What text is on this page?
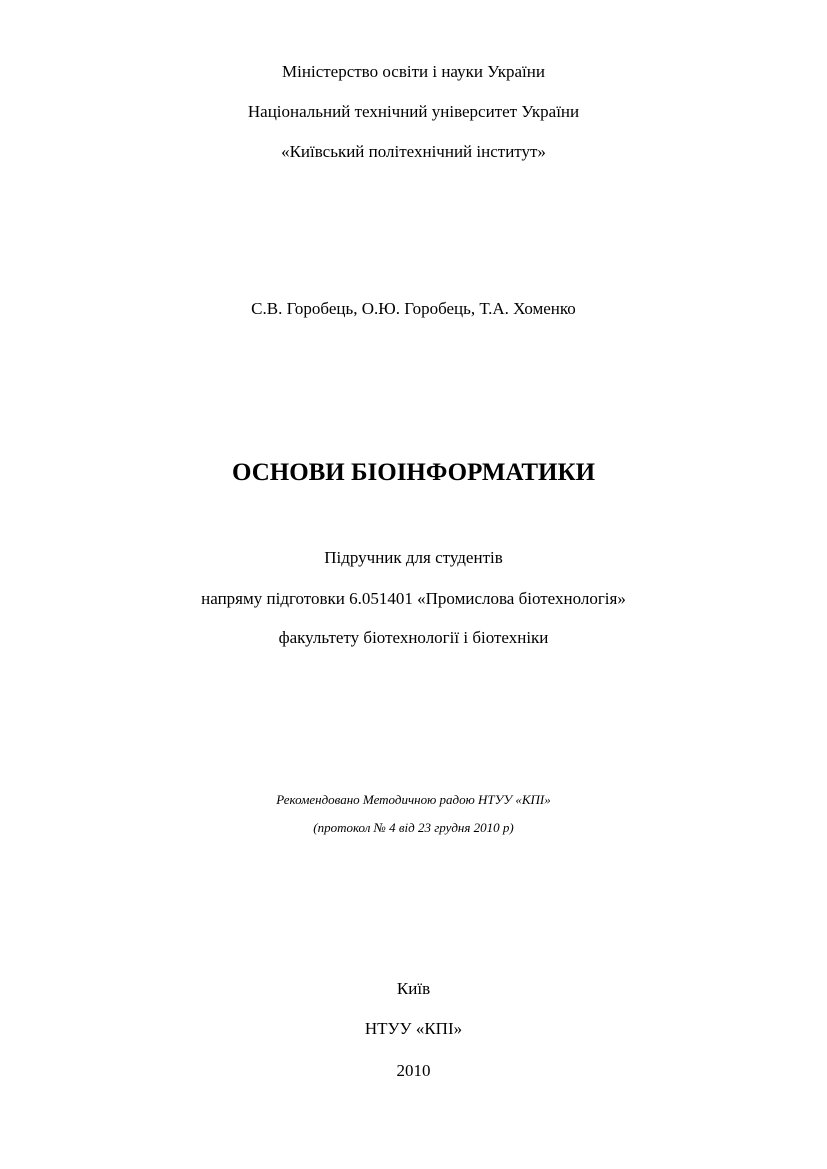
Міністерство освіти і науки України
Національний технічний університет України
«Київський політехнічний інститут»
С.В. Горобець, О.Ю. Горобець, Т.А. Хоменко
ОСНОВИ БІОІНФОРМАТИКИ
Підручник для студентів
напряму підготовки 6.051401 «Промислова біотехнологія»
факультету біотехнології і біотехніки
Рекомендовано Методичною радою НТУУ «КПІ»
(протокол № 4 від 23 грудня 2010 р)
Київ
НТУУ «КПІ»
2010
